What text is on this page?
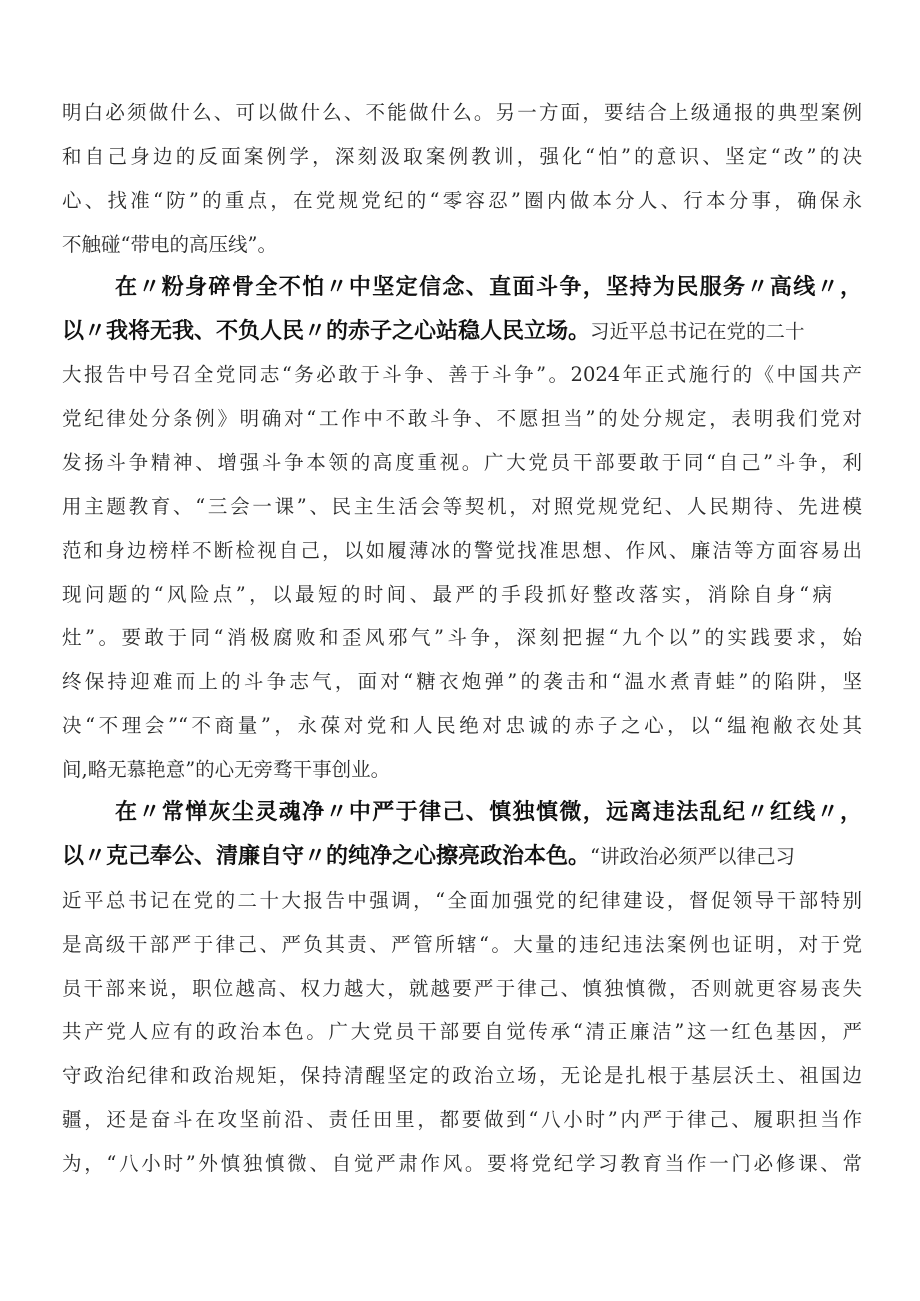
明白必须做什么、可以做什么、不能做什么。另一方面，要结合上级通报的典型案例
和自己身边的反面案例学，深刻汲取案例教训，强化“怕”的意识、坚定“改”的决
心、找准“防”的重点，在党规党纪的“零容忍”圈内做本分人、行本分事，确保永
不触碰“带电的高压线”。
在〃粉身碎骨全不怕〃中坚定信念、直面斗争，坚持为民服务〃高线〃，
以〃我将无我、不负人民〃的赤子之心站稳人民立场。习近平总书记在党的二十
大报告中号召全党同志“务必敢于斗争、善于斗争”。2024年正式施行的《中国共产
党纪律处分条例》明确对“工作中不敢斗争、不愿担当”的处分规定，表明我们党对
发扬斗争精神、增强斗争本领的高度重视。广大党员干部要敢于同“自己”斗争，利
用主题教育、“三会一课”、民主生活会等契机，对照党规党纪、人民期待、先进模
范和身边榜样不断检视自己，以如履薄冰的警觉找准思想、作风、廉洁等方面容易出
现问题的“风险点”，以最短的时间、最严的手段抓好整改落实，消除自身“病
灶”。要敢于同“消极腐败和歪风邪气”斗争，深刻把握“九个以”的实践要求，始
终保持迎难而上的斗争志气，面对“糖衣炮弹”的袭击和“温水煮青蛙”的陷阱，坚
决“不理会”“不商量”，永葆对党和人民绝对忠诚的赤子之心，以“缊袍敝衣处其
间,略无慕艳意”的心无旁骛干事创业。
在〃常惮灰尘灵魂净〃中严于律己、慎独慎微，远离违法乱纪〃红线〃，
以〃克己奉公、清廉自守〃的纯净之心擦亮政治本色。“讲政治必须严以律己习
近平总书记在党的二十大报告中强调，“全面加强党的纪律建设，督促领导干部特别
是高级干部严于律己、严负其责、严管所辖“。大量的违纪违法案例也证明，对于党
员干部来说，职位越高、权力越大，就越要严于律己、慎独慎微，否则就更容易丧失
共产党人应有的政治本色。广大党员干部要自觉传承“清正廉洁”这一红色基因，严
守政治纪律和政治规矩，保持清醒坚定的政治立场，无论是扎根于基层沃土、祖国边
疆，还是奋斗在攻坚前沿、责任田里，都要做到“八小时”内严于律己、履职担当作
为，“八小时”外慎独慎微、自觉严肃作风。要将党纪学习教育当作一门必修课、常
